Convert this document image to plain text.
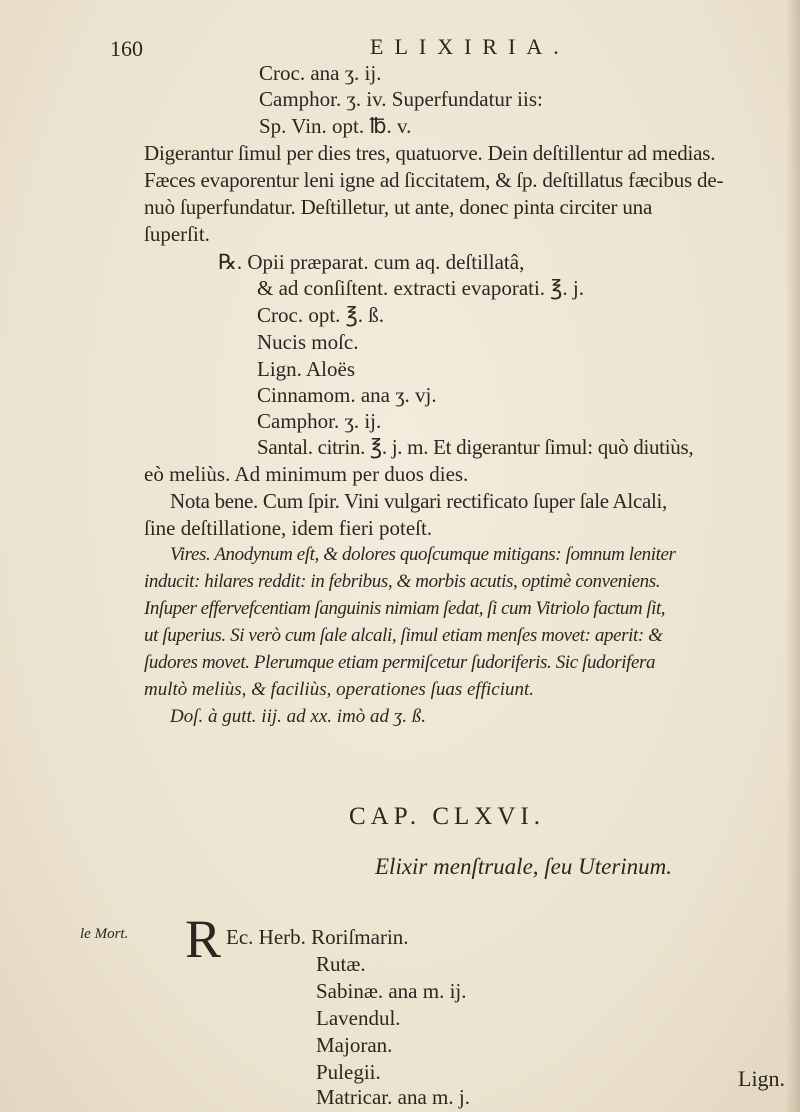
160	ELIXIRIA.
Croc. ana ʒ. ij.
Camphor. ʒ. iv. Superfundatur iis:
Sp. Vin. opt. ℔. v.
Digerantur ſimul per dies tres, quatuorve. Dein deſtillentur ad medias.
Fæces evaporentur leni igne ad ſiccitatem, & ſp. deſtillatus fæcibus de-
nuò ſuperfundatur. Deſtilletur, ut ante, donec pinta circiter una
ſuperſit.
℞. Opii præparat. cum aq. deſtillatâ,
& ad conſiſtent. extracti evaporati. ℥. j.
Croc. opt. ℥. ß.
Nucis moſc.
Lign. Aloës
Cinnamom. ana ʒ. vj.
Camphor. ʒ. ij.
Santal. citrin. ℥. j. m. Et digerantur ſimul: quò diutiùs,
eò meliùs. Ad minimum per duos dies.
Nota bene. Cum ſpir. Vini vulgari rectificato ſuper ſale Alcali,
ſine deſtillatione, idem fieri poteſt.
Vires. Anodynum eſt, & dolores quoſcumque mitigans: ſomnum leniter
inducit: hilares reddit: in febribus, & morbis acutis, optimè conveniens.
Inſuper effervefcentiam ſanguinis nimiam ſedat, ſi cum Vitriolo factum ſit,
ut ſuperius. Si verò cum ſale alcali, ſimul etiam menſes movet: aperit: &
ſudores movet. Plerumque etiam permiſcetur ſudoriferis. Sic ſudorifera
multò meliùs, & faciliùs, operationes ſuas efficiunt.
Doſ. à gutt. iij. ad xx. imò ad ʒ. ß.
CAP. CLXVI.
Elixir menſtruale, ſeu Uterinum.
le Mort. R Ec. Herb. Roriſmarin.
Rutæ.
Sabinæ. ana m. ij.
Lavendul.
Majoran.
Pulegii.
Matricar. ana m. j.
Lign.
